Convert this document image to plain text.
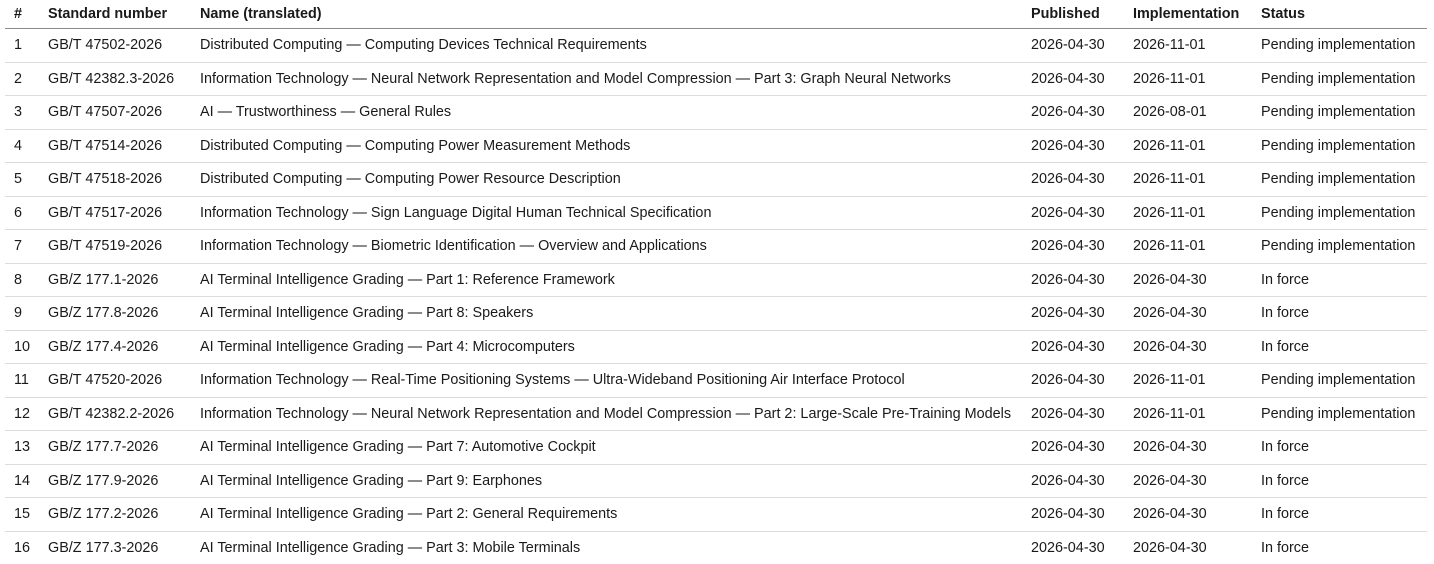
#	Standard number	Name (translated)	Published	Implementation	Status
1	GB/T 47502-2026	Distributed Computing — Computing Devices Technical Requirements	2026-04-30	2026-11-01	Pending implementation
2	GB/T 42382.3-2026	Information Technology — Neural Network Representation and Model Compression — Part 3: Graph Neural Networks	2026-04-30	2026-11-01	Pending implementation
3	GB/T 47507-2026	AI — Trustworthiness — General Rules	2026-04-30	2026-08-01	Pending implementation
4	GB/T 47514-2026	Distributed Computing — Computing Power Measurement Methods	2026-04-30	2026-11-01	Pending implementation
5	GB/T 47518-2026	Distributed Computing — Computing Power Resource Description	2026-04-30	2026-11-01	Pending implementation
6	GB/T 47517-2026	Information Technology — Sign Language Digital Human Technical Specification	2026-04-30	2026-11-01	Pending implementation
7	GB/T 47519-2026	Information Technology — Biometric Identification — Overview and Applications	2026-04-30	2026-11-01	Pending implementation
8	GB/Z 177.1-2026	AI Terminal Intelligence Grading — Part 1: Reference Framework	2026-04-30	2026-04-30	In force
9	GB/Z 177.8-2026	AI Terminal Intelligence Grading — Part 8: Speakers	2026-04-30	2026-04-30	In force
10	GB/Z 177.4-2026	AI Terminal Intelligence Grading — Part 4: Microcomputers	2026-04-30	2026-04-30	In force
11	GB/T 47520-2026	Information Technology — Real-Time Positioning Systems — Ultra-Wideband Positioning Air Interface Protocol	2026-04-30	2026-11-01	Pending implementation
12	GB/T 42382.2-2026	Information Technology — Neural Network Representation and Model Compression — Part 2: Large-Scale Pre-Training Models	2026-04-30	2026-11-01	Pending implementation
13	GB/Z 177.7-2026	AI Terminal Intelligence Grading — Part 7: Automotive Cockpit	2026-04-30	2026-04-30	In force
14	GB/Z 177.9-2026	AI Terminal Intelligence Grading — Part 9: Earphones	2026-04-30	2026-04-30	In force
15	GB/Z 177.2-2026	AI Terminal Intelligence Grading — Part 2: General Requirements	2026-04-30	2026-04-30	In force
16	GB/Z 177.3-2026	AI Terminal Intelligence Grading — Part 3: Mobile Terminals	2026-04-30	2026-04-30	In force
